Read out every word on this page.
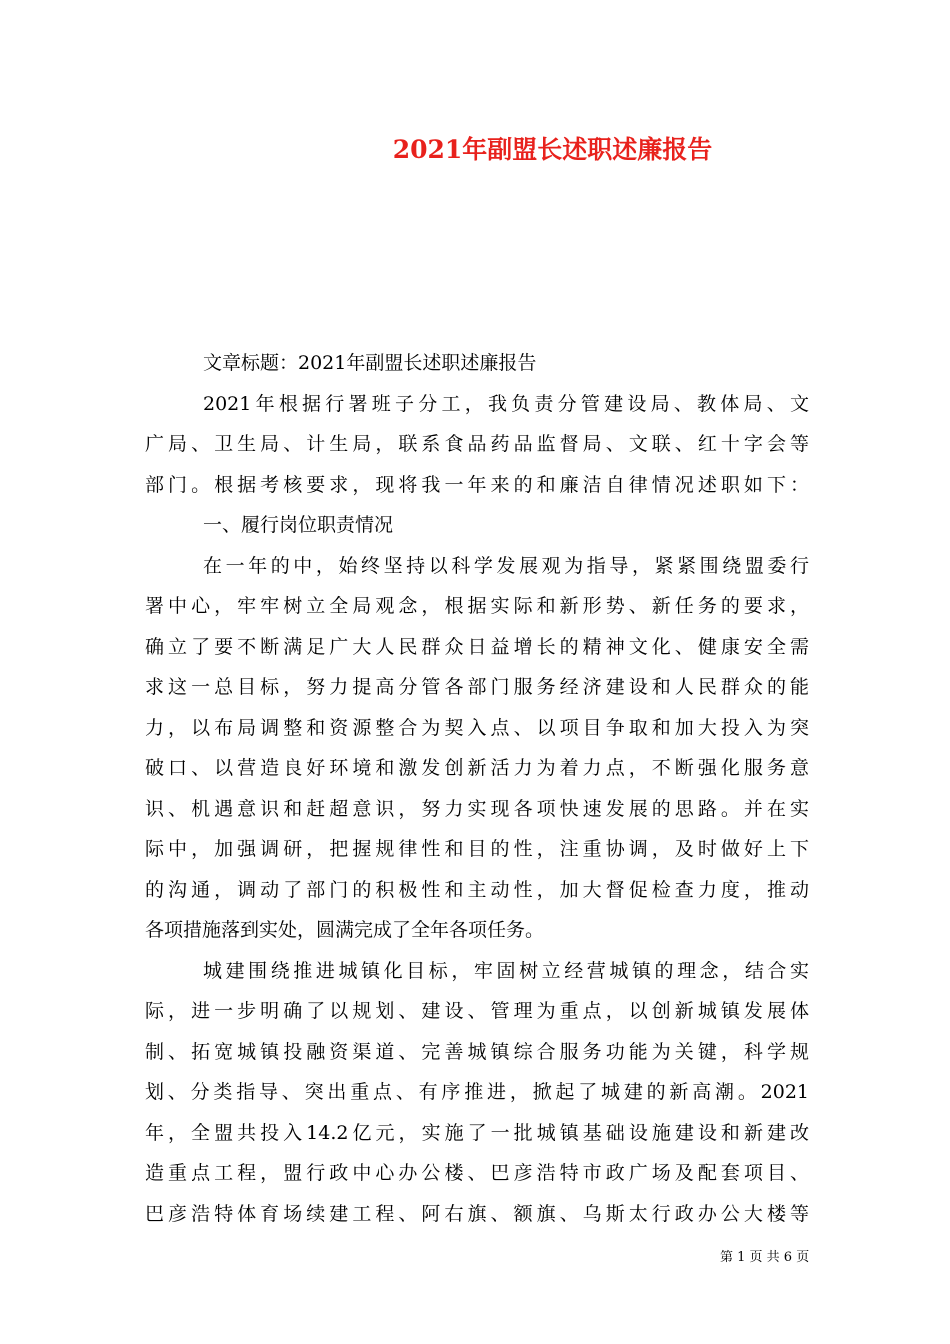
2021年副盟长述职述廉报告
文章标题：2021年副盟长述职述廉报告
2021年根据行署班子分工，我负责分管建设局、教体局、文
广局、卫生局、计生局，联系食品药品监督局、文联、红十字会等
部门。根据考核要求，现将我一年来的和廉洁自律情况述职如下：
一、履行岗位职责情况
在一年的中，始终坚持以科学发展观为指导，紧紧围绕盟委行
署中心，牢牢树立全局观念，根据实际和新形势、新任务的要求，
确立了要不断满足广大人民群众日益增长的精神文化、健康安全需
求这一总目标，努力提高分管各部门服务经济建设和人民群众的能
力，以布局调整和资源整合为契入点、以项目争取和加大投入为突
破口、以营造良好环境和激发创新活力为着力点，不断强化服务意
识、机遇意识和赶超意识，努力实现各项快速发展的思路。并在实
际中，加强调研，把握规律性和目的性，注重协调，及时做好上下
的沟通，调动了部门的积极性和主动性，加大督促检查力度，推动
各项措施落到实处，圆满完成了全年各项任务。
城建围绕推进城镇化目标，牢固树立经营城镇的理念，结合实
际，进一步明确了以规划、建设、管理为重点，以创新城镇发展体
制、拓宽城镇投融资渠道、完善城镇综合服务功能为关键，科学规
划、分类指导、突出重点、有序推进，掀起了城建的新高潮。2021
年，全盟共投入14.2亿元，实施了一批城镇基础设施建设和新建改
造重点工程，盟行政中心办公楼、巴彦浩特市政广场及配套项目、
巴彦浩特体育场续建工程、阿右旗、额旗、乌斯太行政办公大楼等
第 1 页 共 6 页
